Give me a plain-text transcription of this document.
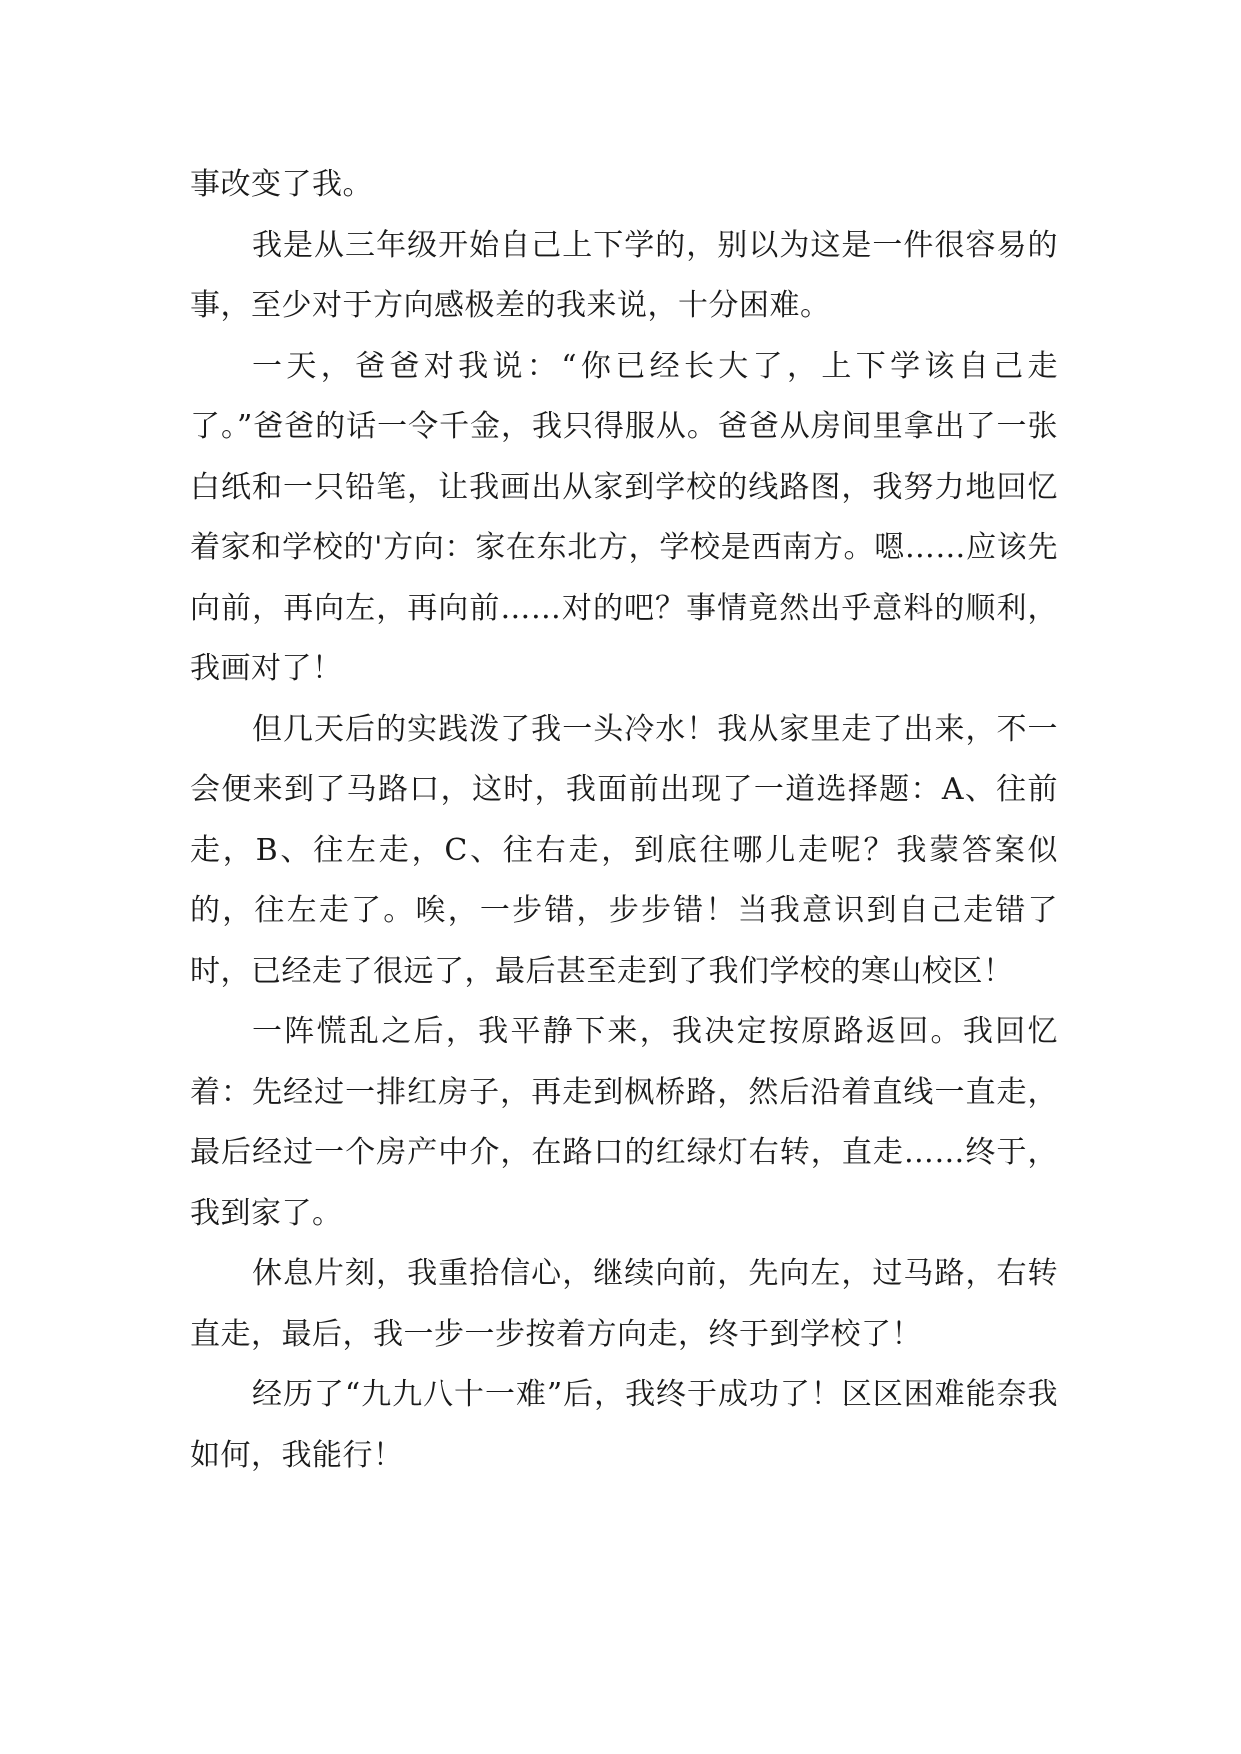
事改变了我。

我是从三年级开始自己上下学的，别以为这是一件很容易的事，至少对于方向感极差的我来说，十分困难。

一天，爸爸对我说：“你已经长大了，上下学该自己走了。”爸爸的话一令千金，我只得服从。爸爸从房间里拿出了一张白纸和一只铅笔，让我画出从家到学校的线路图，我努力地回忆着家和学校的'方向：家在东北方，学校是西南方。嗯……应该先向前，再向左，再向前……对的吧？事情竟然出乎意料的顺利，我画对了！

但几天后的实践泼了我一头冷水！我从家里走了出来，不一会便来到了马路口，这时，我面前出现了一道选择题：A、往前走，B、往左走，C、往右走，到底往哪儿走呢？我蒙答案似的，往左走了。唉，一步错，步步错！当我意识到自己走错了时，已经走了很远了，最后甚至走到了我们学校的寒山校区！

一阵慌乱之后，我平静下来，我决定按原路返回。我回忆着：先经过一排红房子，再走到枫桥路，然后沿着直线一直走，最后经过一个房产中介，在路口的红绿灯右转，直走……终于，我到家了。

休息片刻，我重拾信心，继续向前，先向左，过马路，右转直走，最后，我一步一步按着方向走，终于到学校了！

经历了“九九八十一难”后，我终于成功了！区区困难能奈我如何，我能行！
